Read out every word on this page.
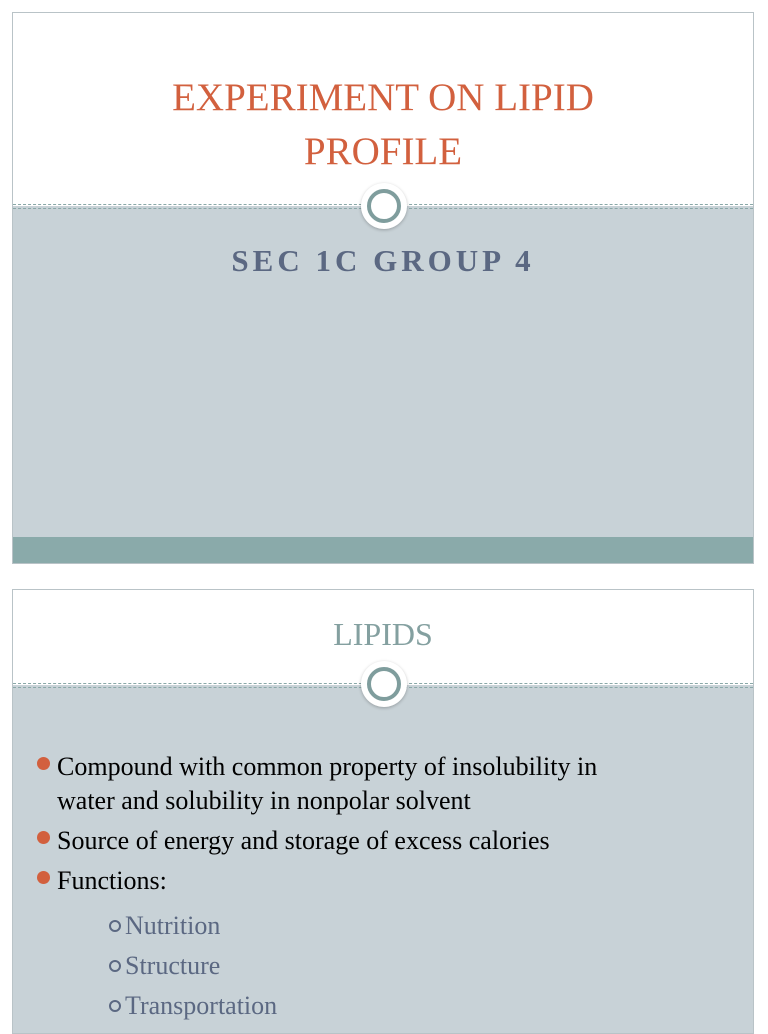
EXPERIMENT ON LIPID
PROFILE
SEC 1C GROUP 4
LIPIDS
Compound with common property of insolubility in
water and solubility in nonpolar solvent
Source of energy and storage of excess calories
Functions:
Nutrition
Structure
Transportation
